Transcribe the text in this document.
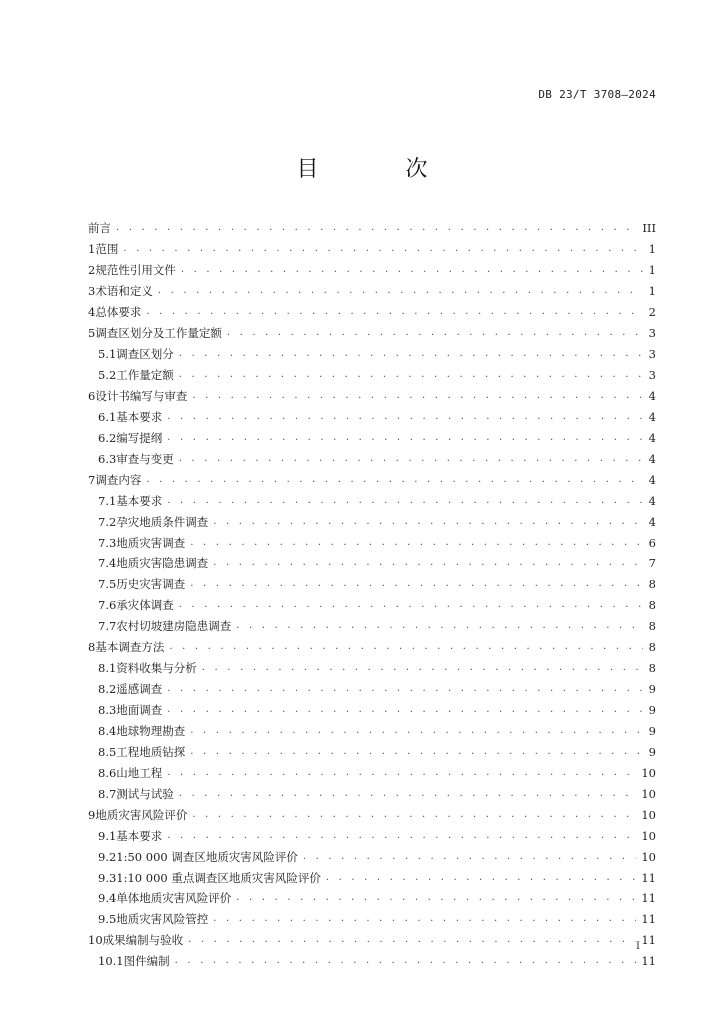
DB 23/T 3708—2024
目 次
前言 . . .	III
1 范围 . . .	1
2 规范性引用文件 . . .	1
3 术语和定义 . . .	1
4 总体要求 . . .	2
5 调查区划分及工作量定额 . . .	3
5.1 调查区划分 . . .	3
5.2 工作量定额 . . .	3
6 设计书编写与审查 . . .	4
6.1 基本要求 . . .	4
6.2 编写提纲 . . .	4
6.3 审查与变更 . . .	4
7 调查内容 . . .	4
7.1 基本要求 . . .	4
7.2 孕灾地质条件调查 . . .	4
7.3 地质灾害调查 . . .	6
7.4 地质灾害隐患调查 . . .	7
7.5 历史灾害调查 . . .	8
7.6 承灾体调查 . . .	8
7.7 农村切坡建房隐患调查 . . .	8
8 基本调查方法 . . .	8
8.1 资料收集与分析 . . .	8
8.2 遥感调查 . . .	9
8.3 地面调查 . . .	9
8.4 地球物理勘查 . . .	9
8.5 工程地质钻探 . . .	9
8.6 山地工程 . . .	10
8.7 测试与试验 . . .	10
9 地质灾害风险评价 . . .	10
9.1 基本要求 . . .	10
9.2 1:50 000 调查区地质灾害风险评价 . . .	10
9.3 1:10 000 重点调查区地质灾害风险评价 . . .	11
9.4 单体地质灾害风险评价 . . .	11
9.5 地质灾害风险管控 . . .	11
10 成果编制与验收 . . .	11
10.1 图件编制 . . .	11
I
